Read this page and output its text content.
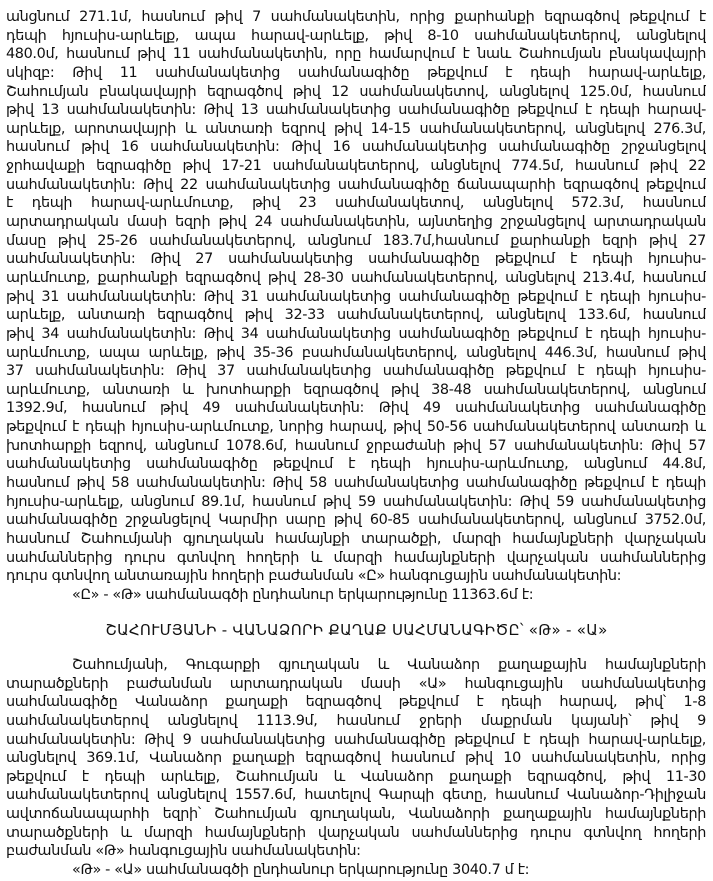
անցնում 271.1մ, հասնում թիվ 7 սահմանակետին, որից քարհանքի եզրագծով թեքվում է
դեպի հյուսիս-արևելք, ապա հարավ-արևելք, թիվ 8-10 սահմանակետերով, անցնելով
480.0մ, հասնում թիվ 11 սահմանակետին, որը համարվում է նաև Շահումյան բնակավայրի
սկիզբ: Թիվ 11 սահմանակետից սահմանագիծը թեքվում է դեպի հարավ-արևելք,
Շահումյան բնակավայրի եզրագծով թիվ 12 սահմանակետով, անցնելով 125.0մ, հասնում
թիվ 13 սահմանակետին: Թիվ 13 սահմանակետից սահմանագիծը թեքվում է դեպի հարավ-
արևելք, արոտավայրի և անտառի եզրով թիվ 14-15 սահմանակետերով, անցնելով 276.3մ,
հասնում թիվ 16 սահմանակետին: Թիվ 16 սահմանակետից սահմանագիծը շրջանցելով
ջրհավաքի եզրագիծը թիվ 17-21 սահմանակետերով, անցնելով 774.5մ, հասնում թիվ 22
սահմանակետին: Թիվ 22 սահմանակետից սահմանագիծը ճանապարհի եզրագծով թեքվում
է դեպի հարավ-արևմուտք, թիվ 23 սահմանակետով, անցնելով 572.3մ, հասնում
արտադրական մասի եզրի թիվ 24 սահմանակետին, այնտեղից շրջանցելով արտադրական
մասը թիվ 25-26 սահմանակետերով, անցնում 183.7մ,հասնում քարհանքի եզրի թիվ 27
սահմանակետին: Թիվ 27 սահմանակետից սահմանագիծը թեքվում է դեպի հյուսիս-
արևմուտք, քարհանքի եզրագծով թիվ 28-30 սահմանակետերով, անցնելով 213.4մ, հասնում
թիվ 31 սահմանակետին: Թիվ 31 սահմանակետից սահմանագիծը թեքվում է դեպի հյուսիս-
արևելք, անտառի եզրագծով թիվ 32-33 սահմանակետերով, անցնելով 133.6մ, հասնում
թիվ 34 սահմանակետին: Թիվ 34 սահմանակետից սահմանագիծը թեքվում է դեպի հյուսիս-
արևմուտք, ապա արևելք, թիվ 35-36 բսահմանակետերով, անցնելով 446.3մ, հասնում թիվ
37 սահմանակետին: Թիվ 37 սահմանակետից սահմանագիծը թեքվում է դեպի հյուսիս-
արևմուտք, անտառի և խոտհարքի եզրագծով թիվ 38-48 սահմանակետերով, անցնում
1392.9մ, հասնում թիվ 49 սահմանակետին: Թիվ 49 սահմանակետից սահմանագիծը
թեքվում է դեպի հյուսիս-արևմուտք, նորից հարավ, թիվ 50-56 սահմանակետերով անտառի և
խոտհարքի եզրով, անցնում 1078.6մ, հասնում ջրբաժանի թիվ 57 սահմանակետին: Թիվ 57
սահմանակետից սահմանագիծը թեքվում է դեպի հյուսիս-արևմուտք, անցնում 44.8մ,
հասնում թիվ 58 սահմանակետին: Թիվ 58 սահմանակետից սահմանագիծը թեքվում է դեպի
հյուսիս-արևելք, անցնում 89.1մ, հասնում թիվ 59 սահմանակետին: Թիվ 59 սահմանակետից
սահմանագիծը շրջանցելով Կարմիր սարը թիվ 60-85 սահմանակետերով, անցնում 3752.0մ,
հասնում Շահումյանի գյուղական համայնքի տարածքի, մարզի համայնքների վարչական
սահմաններից դուրս գտնվող հողերի և մարզի համայնքների վարչական սահմաններից
դուրս գտնվող անտառային հողերի բաժանման «Ը» հանգուցային սահմանակետին:
«Ը» - «Թ» սահմանագծի ընդհանուր երկարությունը 11363.6մ է:
ՇԱՀՈՒՄՅԱՆԻ - ՎԱՆԱՁՈՐԻ ՔԱՂԱՔ ՍԱՀՄԱՆԱԳԻԾԸ՝ «Թ» - «Ա»
Շահումյանի, Գուգարքի գյուղական և Վանաձոր քաղաքային համայնքների
տարածքների բաժանման արտադրական մասի «Ա» հանգուցային սահմանակետից
սահմանագիծը Վանաձոր քաղաքի եզրագծով թեքվում է դեպի հարավ, թիվ՝ 1-8
սահմանակետերով անցնելով 1113.9մ, հասնում ջրերի մաքրման կայանի՝ թիվ 9
սահմանակետին: Թիվ 9 սահմանակետից սահմանագիծը թեքվում է դեպի հարավ-արևելք,
անցնելով 369.1մ, Վանաձոր քաղաքի եզրագծով հասնում թիվ 10 սահմանակետին, որից
թեքվում է դեպի արևելք, Շահումյան և Վանաձոր քաղաքի եզրագծով, թիվ 11-30
սահմանակետերով անցնելով 1557.6մ, հատելով Գարպի գետը, հասնում Վանաձոր-Դիլիջան
ավտոճանապարհի եզրի՝ Շահումյան գյուղական, Վանաձորի քաղաքային համայնքների
տարածքների և մարզի համայնքների վարչական սահմաններից դուրս գտնվող հողերի
բաժանման «Թ» հանգուցային սահմանակետին:
«Թ» - «Ա» սահմանագծի ընդհանուր երկարությունը 3040.7 մ է:
